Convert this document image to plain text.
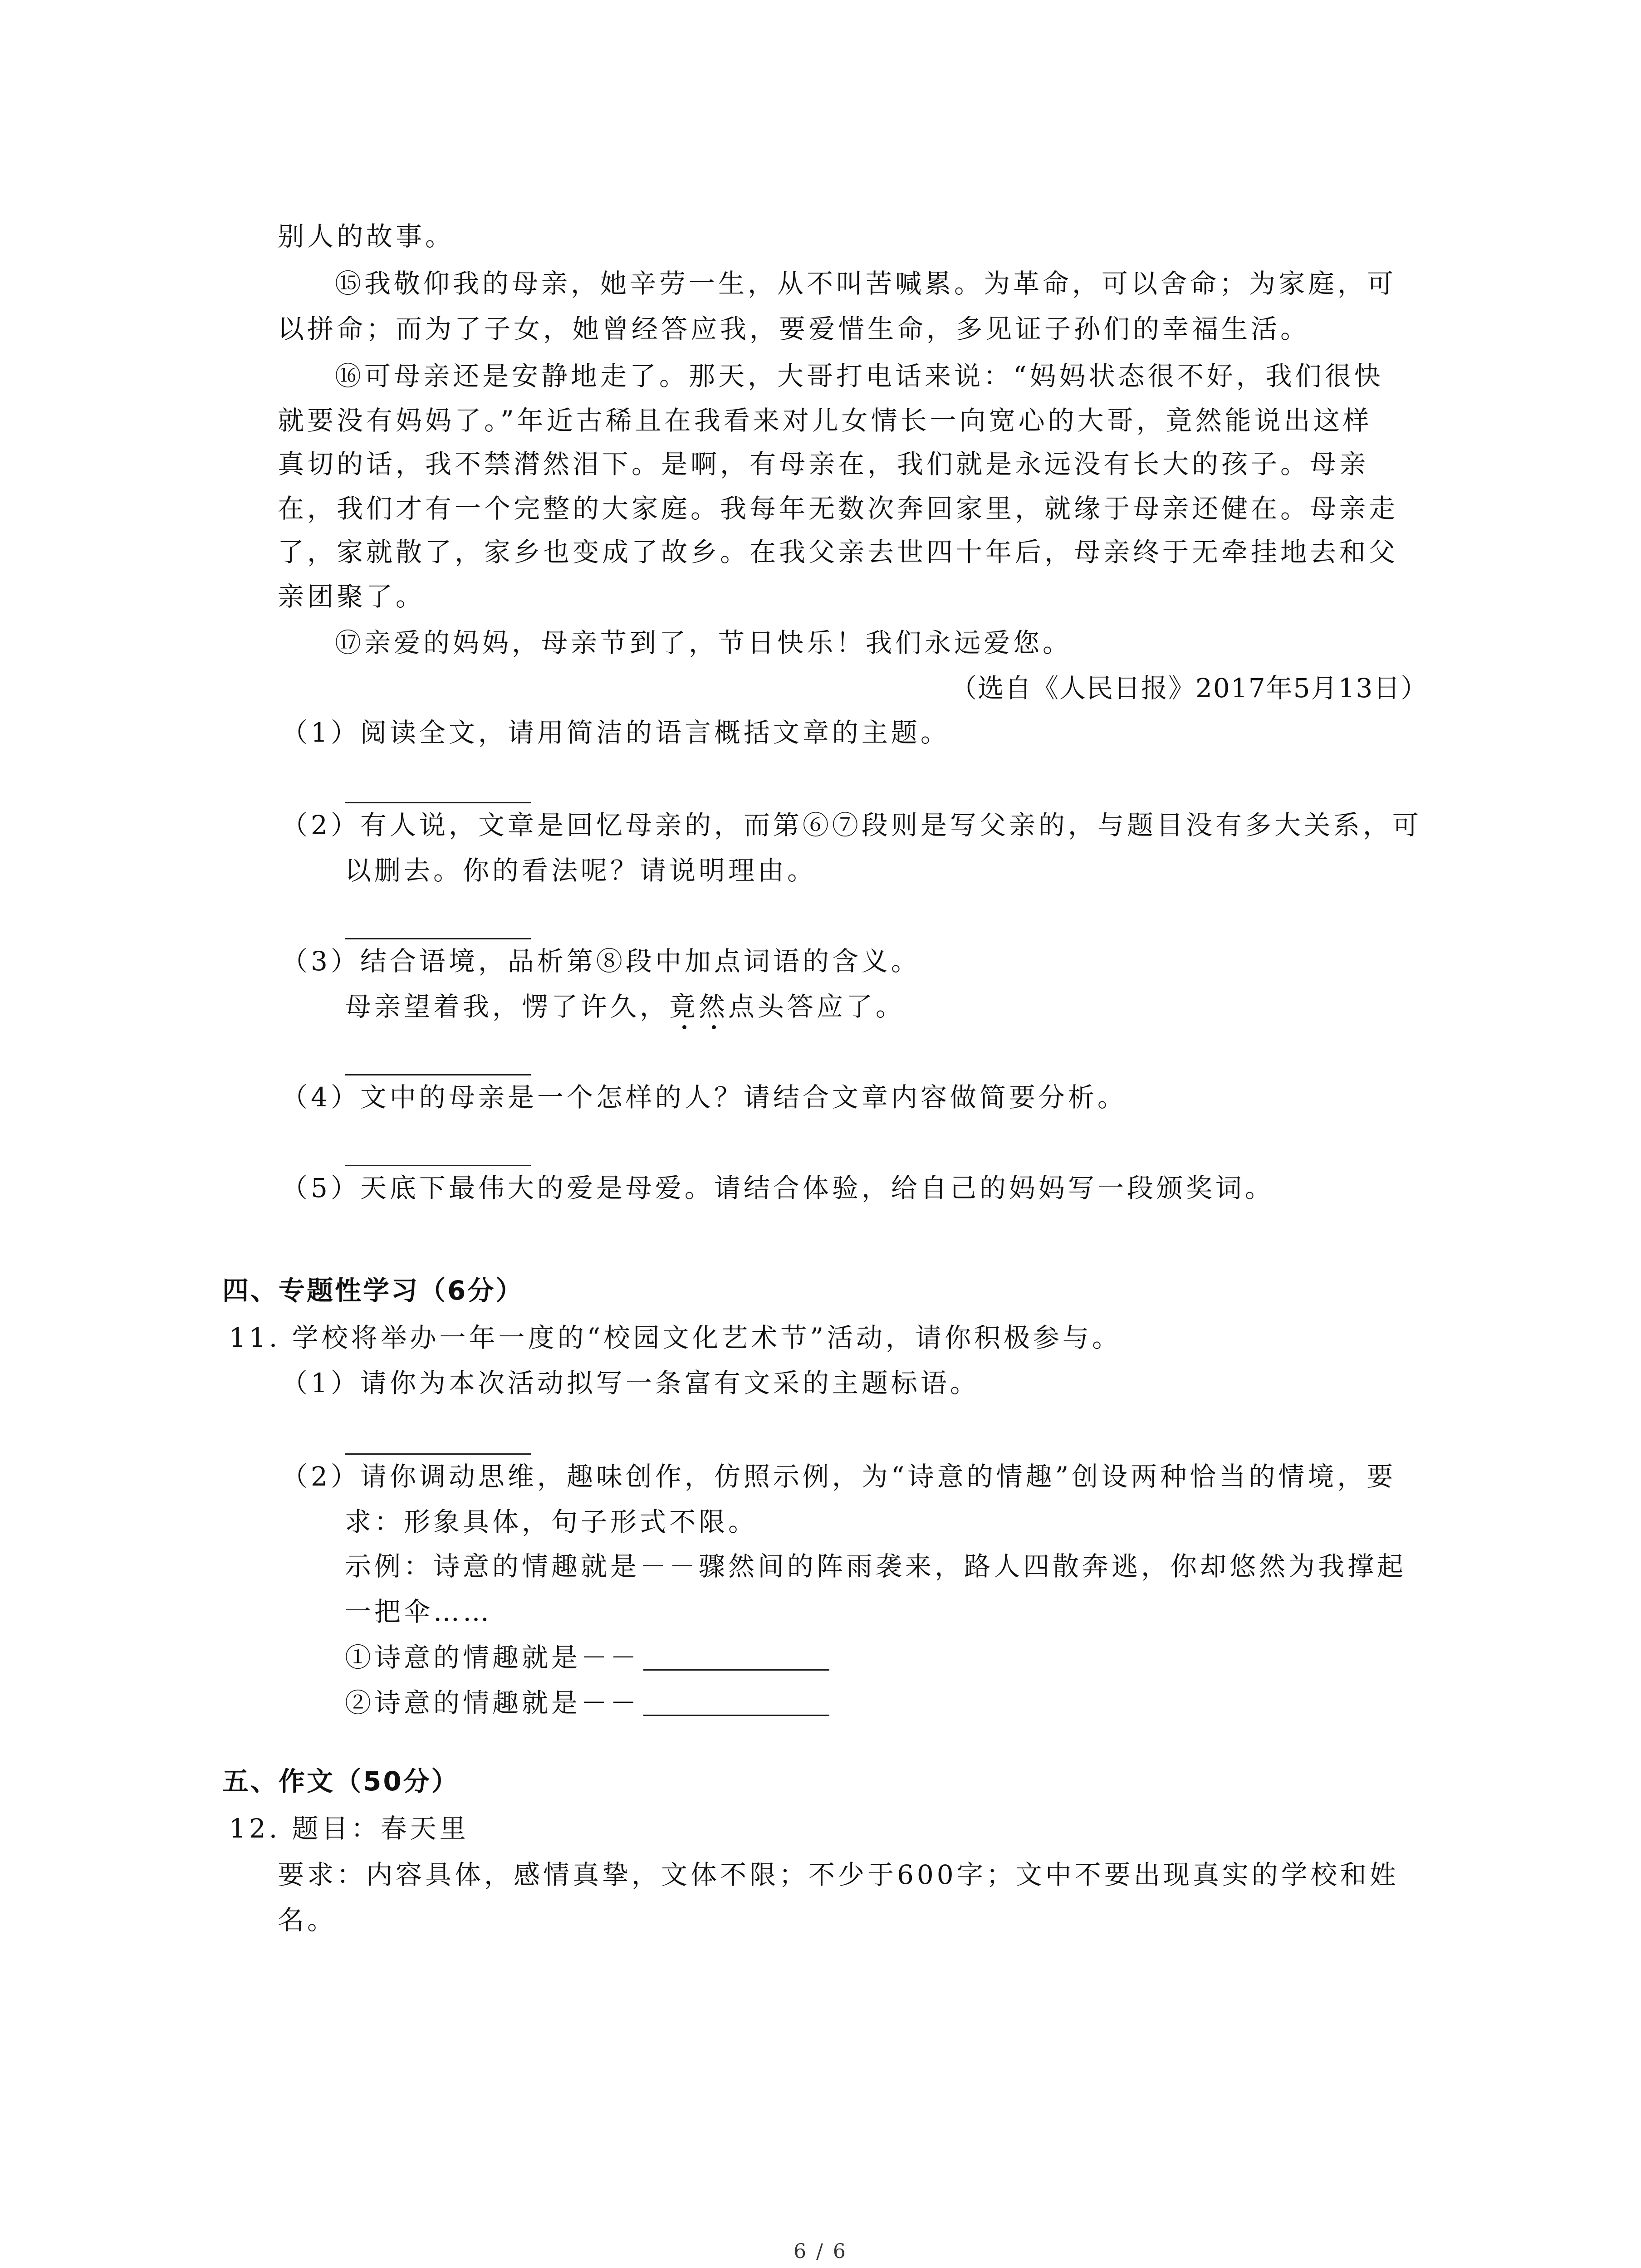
别人的故事。
⑮我敬仰我的母亲，她辛劳一生，从不叫苦喊累。为革命，可以舍命；为家庭，可
以拼命；而为了子女，她曾经答应我，要爱惜生命，多见证子孙们的幸福生活。
⑯可母亲还是安静地走了。那天，大哥打电话来说：“妈妈状态很不好，我们很快
就要没有妈妈了。”年近古稀且在我看来对儿女情长一向宽心的大哥，竟然能说出这样
真切的话，我不禁潸然泪下。是啊，有母亲在，我们就是永远没有长大的孩子。母亲
在，我们才有一个完整的大家庭。我每年无数次奔回家里，就缘于母亲还健在。母亲走
了，家就散了，家乡也变成了故乡。在我父亲去世四十年后，母亲终于无牵挂地去和父
亲团聚了。
⑰亲爱的妈妈，母亲节到了，节日快乐！我们永远爱您。
（选自《人民日报》2017年5月13日）
（1）阅读全文，请用简洁的语言概括文章的主题。
（2）有人说，文章是回忆母亲的，而第⑥⑦段则是写父亲的，与题目没有多大关系，可
以删去。你的看法呢？请说明理由。
（3）结合语境，品析第⑧段中加点词语的含义。
母亲望着我，愣了许久，竟然点头答应了。
（4）文中的母亲是一个怎样的人？请结合文章内容做简要分析。
（5）天底下最伟大的爱是母爱。请结合体验，给自己的妈妈写一段颁奖词。
四、专题性学习（6分）
11. 学校将举办一年一度的“校园文化艺术节”活动，请你积极参与。
（1）请你为本次活动拟写一条富有文采的主题标语。
（2）请你调动思维，趣味创作，仿照示例，为“诗意的情趣”创设两种恰当的情境，要
求：形象具体，句子形式不限。
示例：诗意的情趣就是－－骤然间的阵雨袭来，路人四散奔逃，你却悠然为我撑起
一把伞……
①诗意的情趣就是－－
②诗意的情趣就是－－
五、作文（50分）
12. 题目：春天里
要求：内容具体，感情真挚，文体不限；不少于600字；文中不要出现真实的学校和姓
名。
6 / 6
